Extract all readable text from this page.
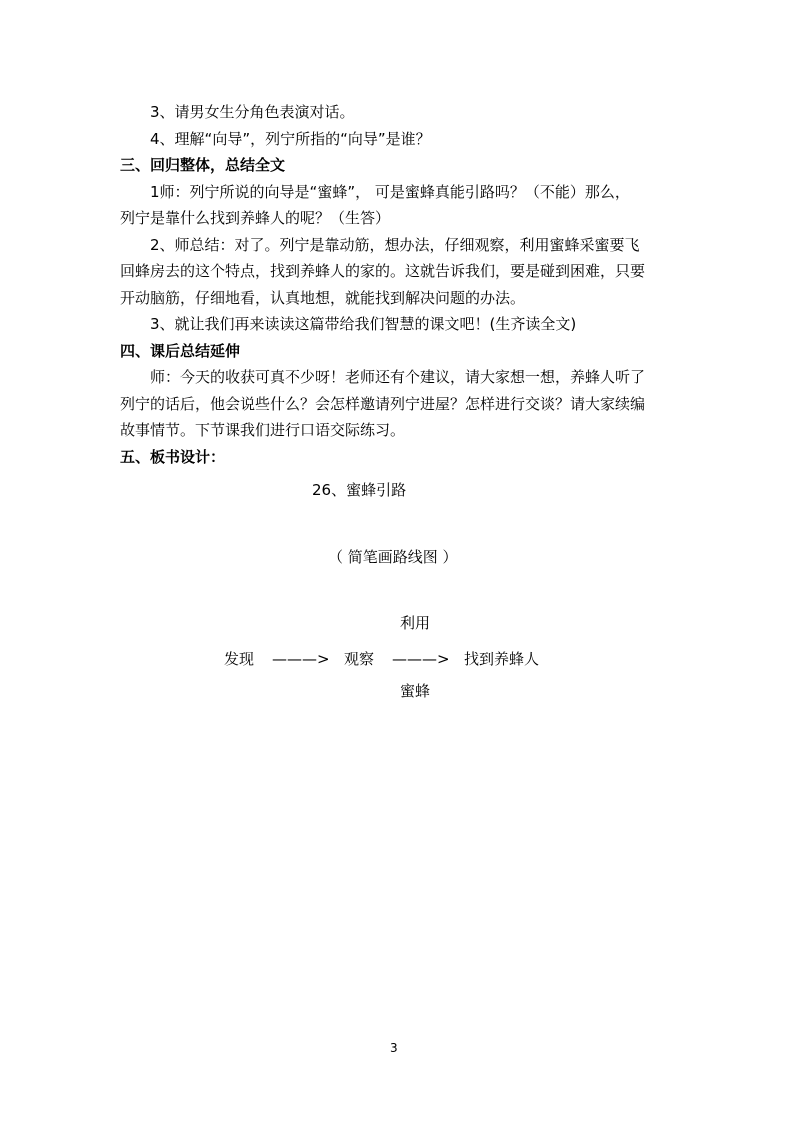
3、请男女生分角色表演对话。
4、理解“向导”，列宁所指的“向导”是谁？
三、回归整体，总结全文
1师：列宁所说的向导是“蜜蜂”， 可是蜜蜂真能引路吗？（不能）那么，
列宁是靠什么找到养蜂人的呢？（生答）
2、师总结：对了。列宁是靠动筋，想办法，仔细观察，利用蜜蜂采蜜要飞
回蜂房去的这个特点，找到养蜂人的家的。这就告诉我们，要是碰到困难，只要
开动脑筋，仔细地看，认真地想，就能找到解决问题的办法。
3、就让我们再来读读这篇带给我们智慧的课文吧！(生齐读全文)
四、课后总结延伸
师：今天的收获可真不少呀！老师还有个建议，请大家想一想，养蜂人听了
列宁的话后，他会说些什么？会怎样邀请列宁进屋？怎样进行交谈？请大家续编
故事情节。下节课我们进行口语交际练习。
五、板书设计：
26、蜜蜂引路
（ 简笔画路线图 ）
利用
发现 ———> 观察 ———> 找到养蜂人
蜜蜂
3
